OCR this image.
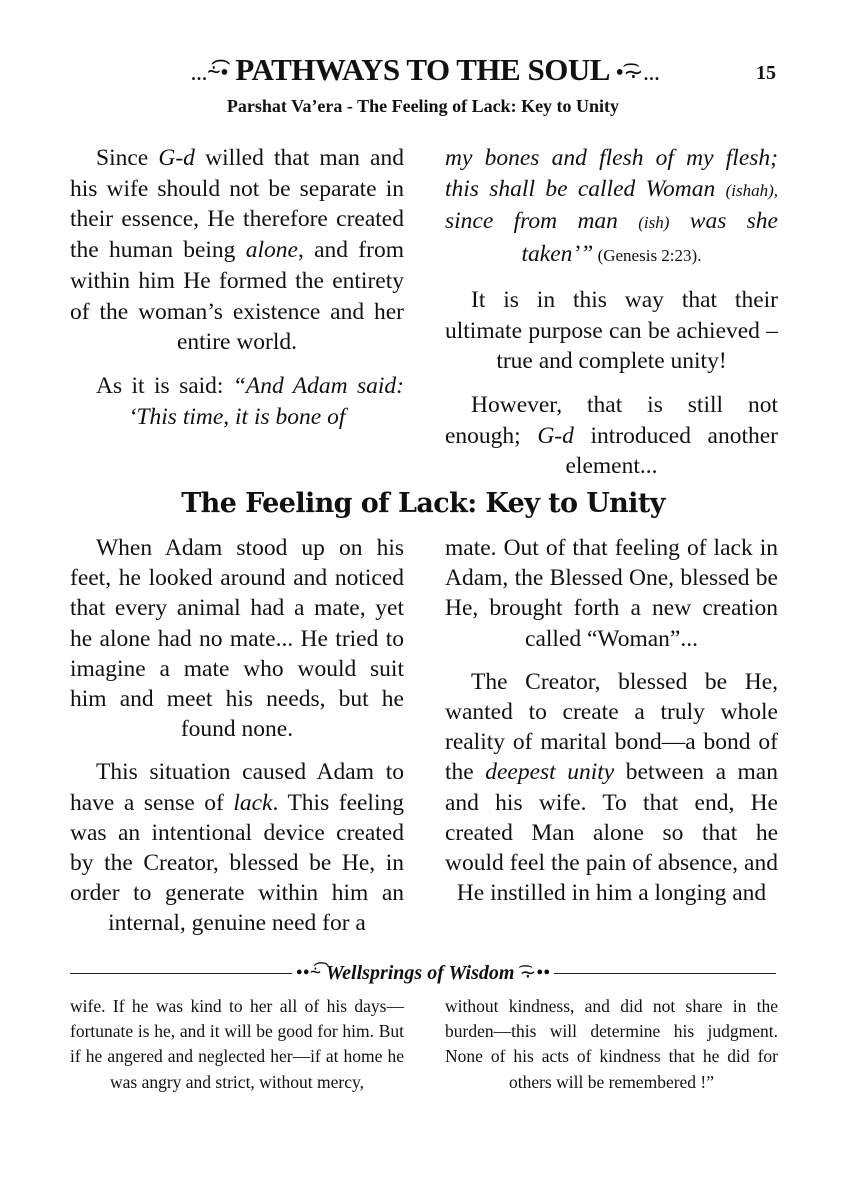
...⸞͡• PATHWAYS TO THE SOUL •͡⸟...	15
Parshat Va’era - The Feeling of Lack: Key to Unity

Since G-d willed that man and his wife should not be separate in their essence, He therefore created the human being alone, and from within him He formed the entirety of the woman’s existence and her entire world.

As it is said: “And Adam said: ‘This time, it is bone of

my bones and flesh of my flesh; this shall be called Woman (ishah), since from man (ish) was she taken’” (Genesis 2:23).

It is in this way that their ultimate purpose can be achieved – true and complete unity!

However, that is still not enough; G-d introduced another element...

The Feeling of Lack: Key to Unity

When Adam stood up on his feet, he looked around and noticed that every animal had a mate, yet he alone had no mate... He tried to imagine a mate who would suit him and meet his needs, but he found none.

This situation caused Adam to have a sense of lack. This feeling was an intentional device created by the Creator, blessed be He, in order to generate within him an internal, genuine need for a

mate. Out of that feeling of lack in Adam, the Blessed One, blessed be He, brought forth a new creation called “Woman”...

The Creator, blessed be He, wanted to create a truly whole reality of marital bond—a bond of the deepest unity between a man and his wife. To that end, He created Man alone so that he would feel the pain of absence, and He instilled in him a longing and

••⸞͡ Wellsprings of Wisdom ͡⸟••

wife. If he was kind to her all of his days—fortunate is he, and it will be good for him. But if he angered and neglected her—if at home he was angry and strict, without mercy,

without kindness, and did not share in the burden—this will determine his judgment. None of his acts of kindness that he did for others will be remembered !”
